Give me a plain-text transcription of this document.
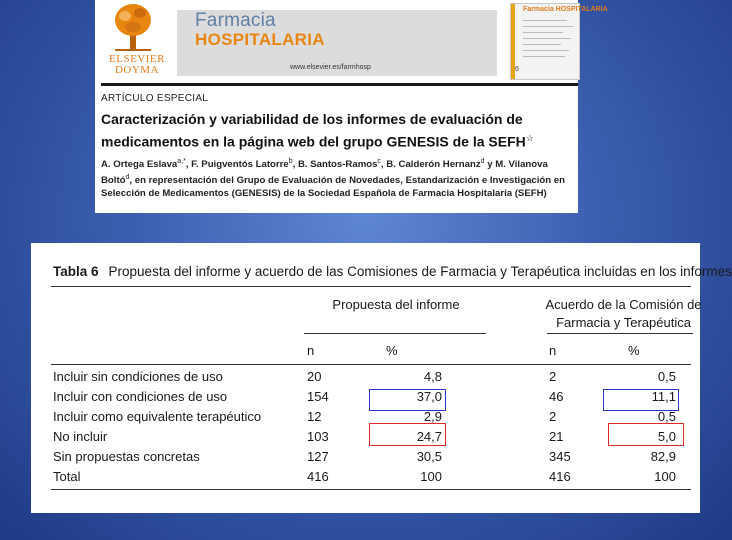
ELSEVIER DOYMA
Farmacia
HOSPITALARIA
www.elsevier.es/farmhosp
Farmacia HOSPITALARIA
6
ARTÍCULO ESPECIAL

Caracterización y variabilidad de los informes de evaluación de medicamentos en la página web del grupo GENESIS de la SEFH☆

A. Ortega Eslava$^{a,*}$, F. Puigventós Latorre$^b$, B. Santos-Ramos$^c$, B. Calderón Hernanz$^d$ y M. Vilanova Boltó$^d$, en representación del Grupo de Evaluación de Novedades, Estandarización e Investigación en Selección de Medicamentos (GENESIS) de la Sociedad Española de Farmacia Hospitalaria (SEFH)

Tabla 6 Propuesta del informe y acuerdo de las Comisiones de Farmacia y Terapéutica incluidas en los informes
Propuesta del informe	Acuerdo de la Comisión de
Farmacia y Terapéutica
n	%	n	%
Incluir sin condiciones de uso	20	4,8	2	0,5
Incluir con condiciones de uso	154	37,0	46	11,1
Incluir como equivalente terapéutico	12	2,9	2	0,5
No incluir	103	24,7	21	5,0
Sin propuestas concretas	127	30,5	345	82,9
Total	416	100	416	100
